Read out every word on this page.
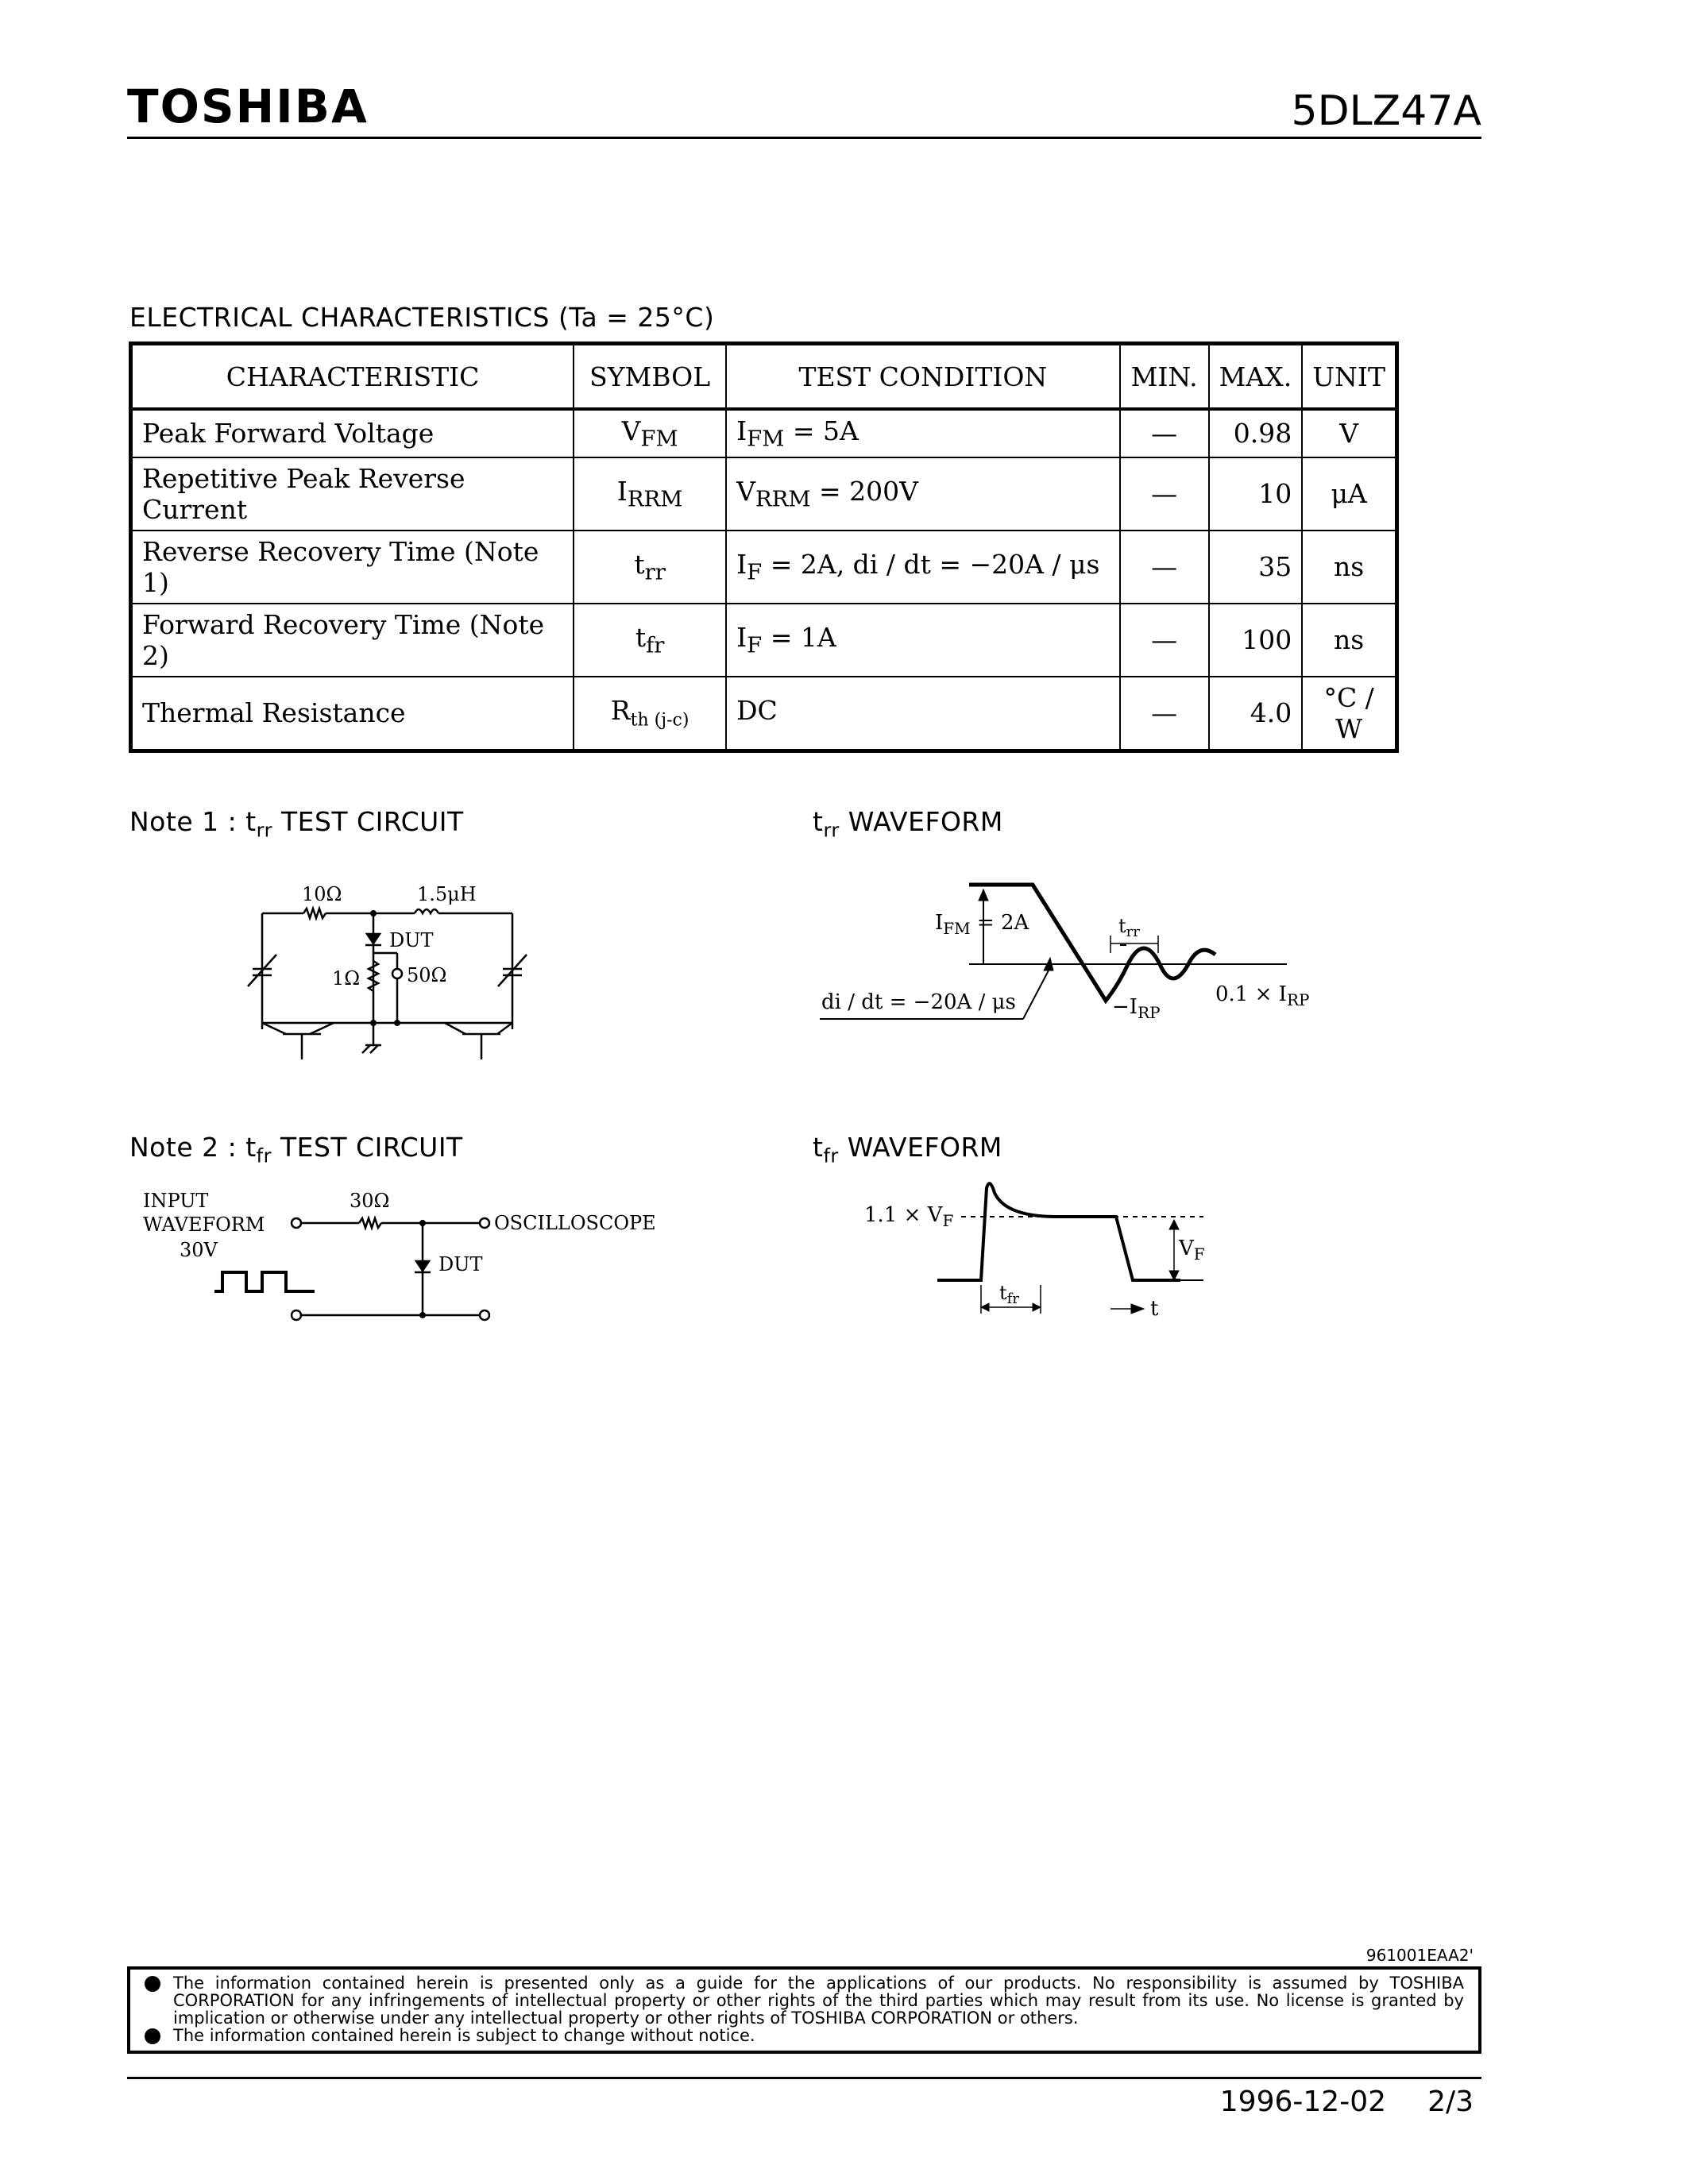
TOSHIBA	5DLZ47A
ELECTRICAL CHARACTERISTICS (Ta = 25°C)
CHARACTERISTIC	SYMBOL	TEST CONDITION	MIN.	MAX.	UNIT
Peak Forward Voltage	$V_{FM}$	$I_{FM} = 5A$	—	0.98	V
Repetitive Peak Reverse Current	$I_{RRM}$	$V_{RRM} = 200V$	—	10	μA
Reverse Recovery Time (Note 1)	$t_{rr}$	$I_F = 2A$, di / dt = −20A / μs	—	35	ns
Forward Recovery Time (Note 2)	$t_{fr}$	$I_F = 1A$	—	100	ns
Thermal Resistance	$R_{th (j-c)}$	DC	—	4.0	°C / W
Note 1 : $t_{rr}$ TEST CIRCUIT
10Ω	1.5μH
DUT
1Ω 50Ω
$t_{rr}$ WAVEFORM
$I_{FM} = 2A$	$t_{rr}$
di / dt = −20A / μs	$-I_{RP}$
$0.1 \times I_{RP}$
Note 2 : $t_{fr}$ TEST CIRCUIT
INPUT
WAVEFORM
30V
30Ω
OSCILLOSCOPE
DUT
$t_{fr}$ WAVEFORM
$1.1 \times V_F$
$V_F$
$t_{fr}$	t
961001EAA2'
The information contained herein is presented only as a guide for the applications of our products. No responsibility is assumed by TOSHIBA CORPORATION for any infringements of intellectual property or other rights of the third parties which may result from its use. No license is granted by implication or otherwise under any intellectual property or other rights of TOSHIBA CORPORATION or others.
The information contained herein is subject to change without notice.
1996-12-02 2/3
